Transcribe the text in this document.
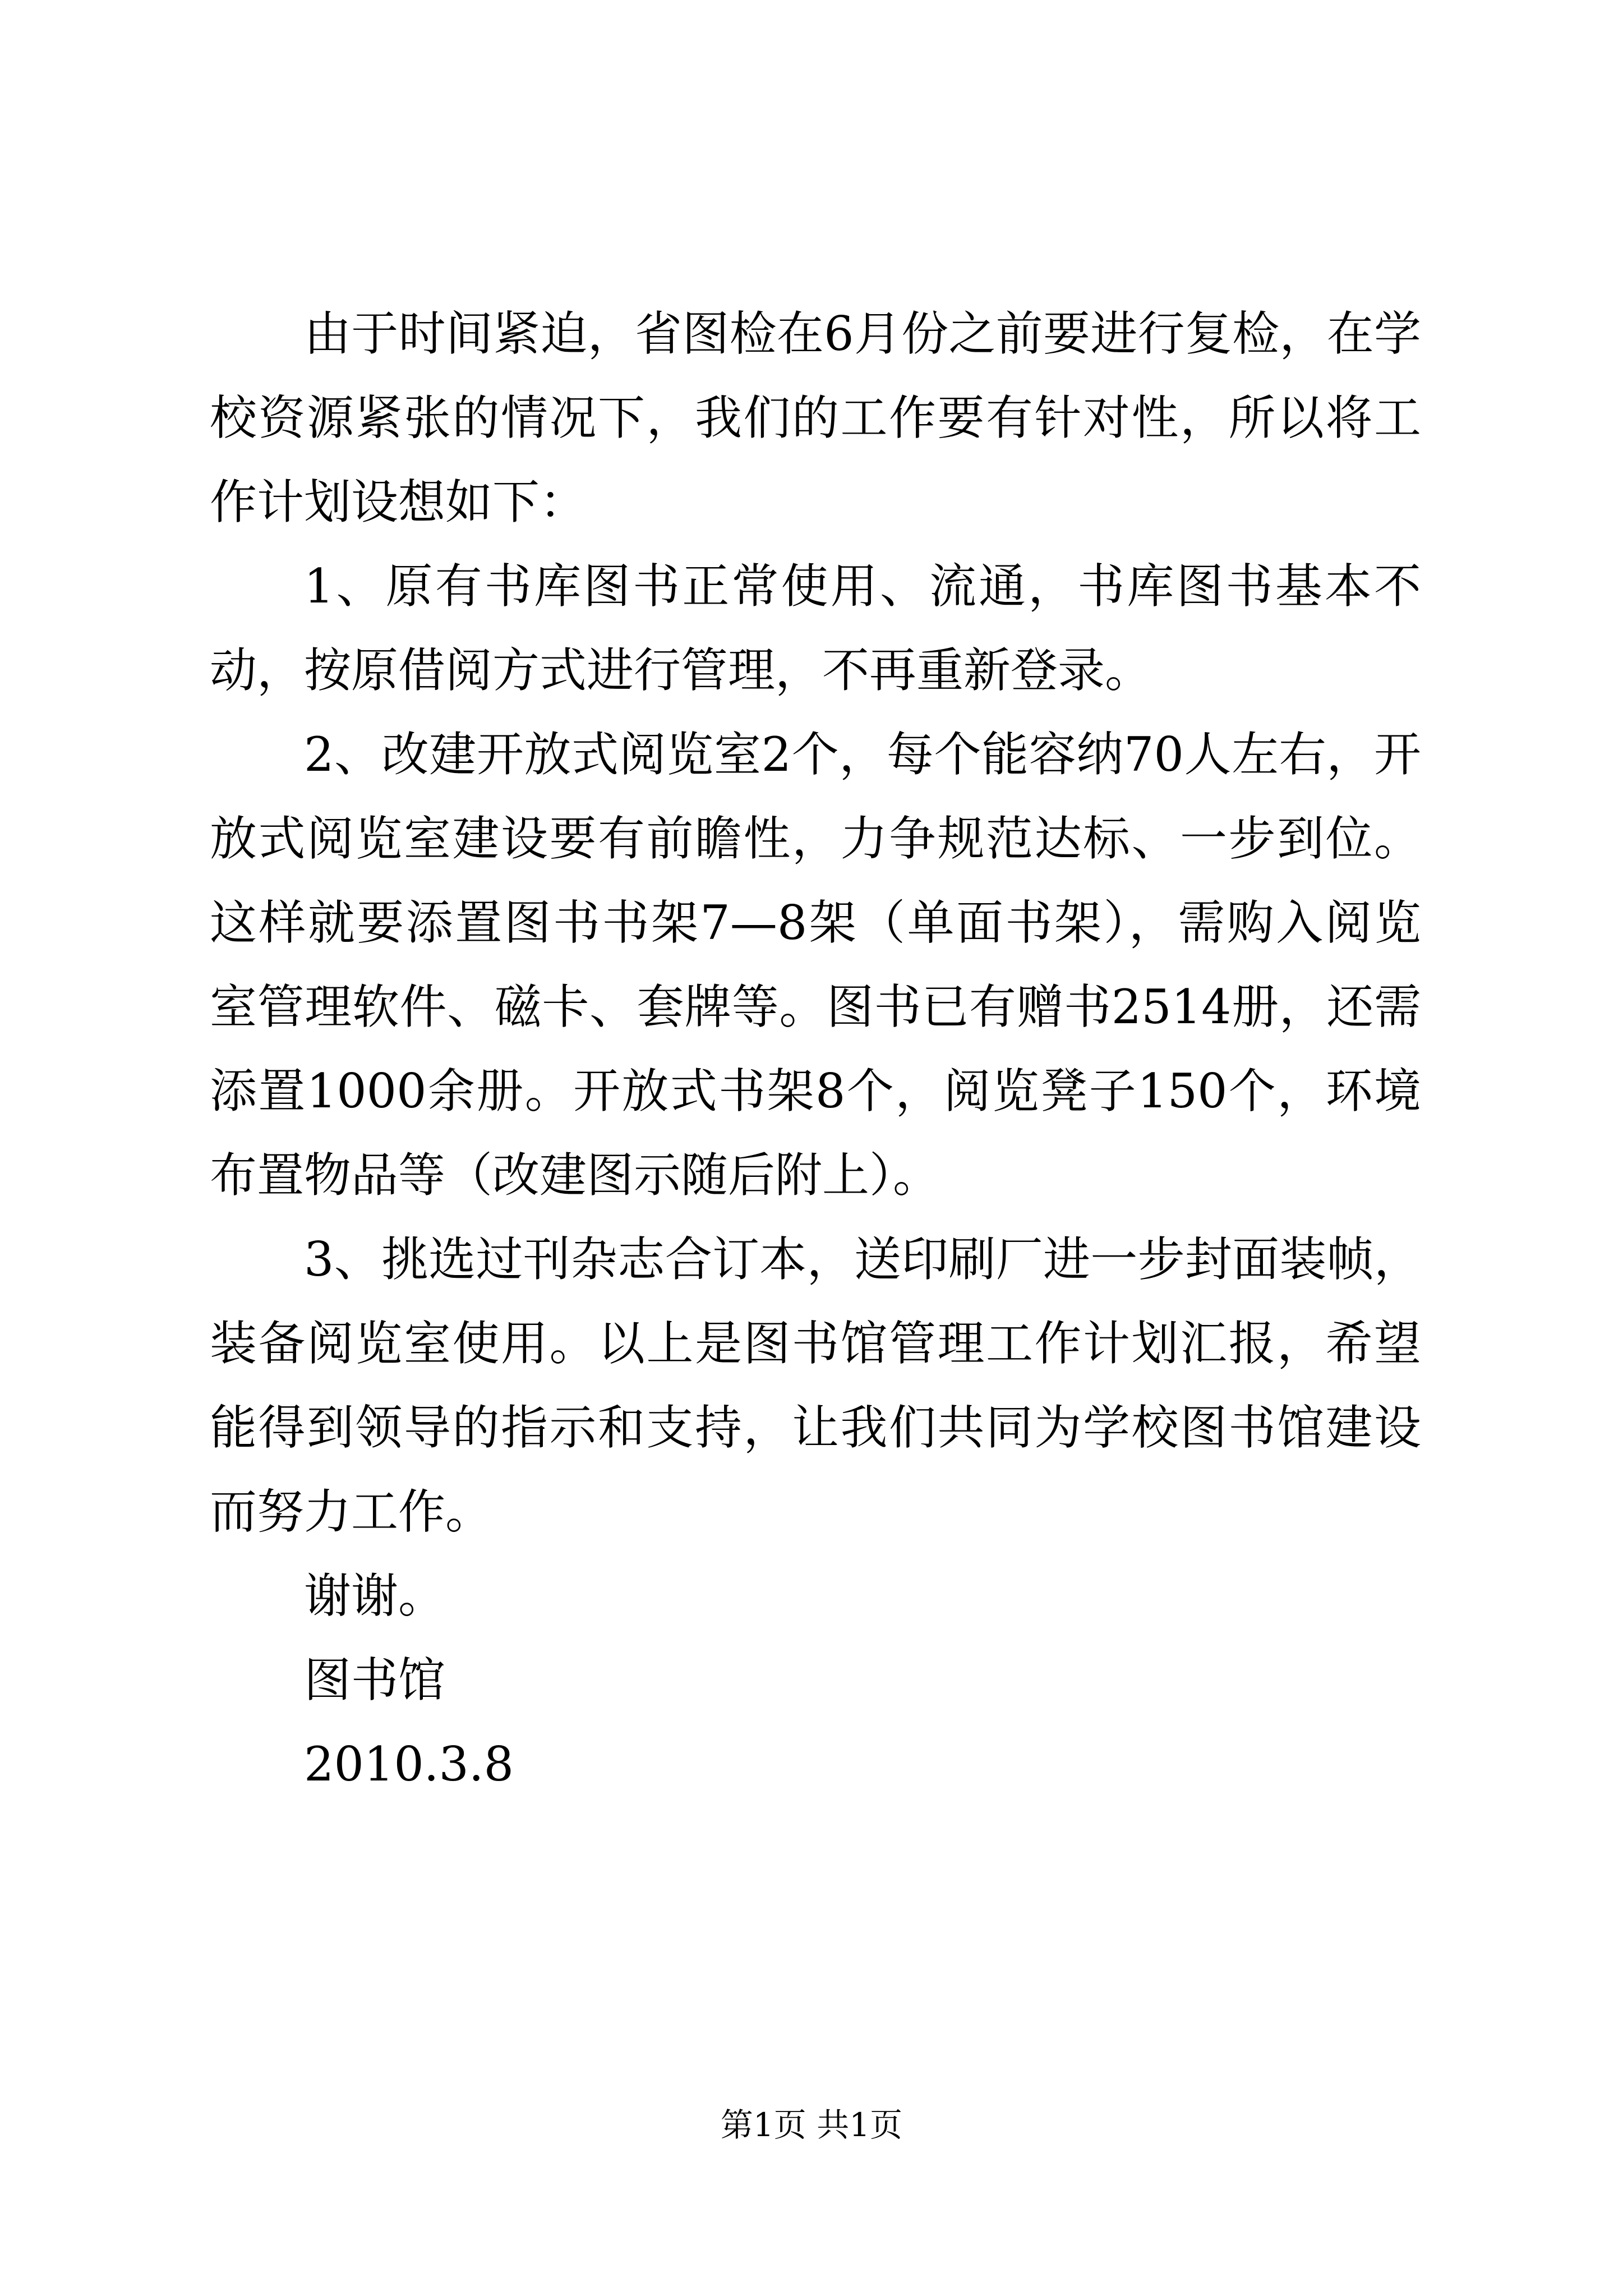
由于时间紧迫，省图检在6月份之前要进行复检，在学校资源紧张的情况下，我们的工作要有针对性，所以将工作计划设想如下：

1、原有书库图书正常使用、流通，书库图书基本不动，按原借阅方式进行管理，不再重新登录。

2、改建开放式阅览室2个，每个能容纳70人左右，开放式阅览室建设要有前瞻性，力争规范达标、一步到位。这样就要添置图书书架7—8架（单面书架），需购入阅览室管理软件、磁卡、套牌等。图书已有赠书2514册，还需添置1000余册。开放式书架8个，阅览凳子150个，环境布置物品等（改建图示随后附上）。

3、挑选过刊杂志合订本，送印刷厂进一步封面装帧，装备阅览室使用。以上是图书馆管理工作计划汇报，希望能得到领导的指示和支持，让我们共同为学校图书馆建设而努力工作。

谢谢。

图书馆

2010.3.8

第1页 共1页
